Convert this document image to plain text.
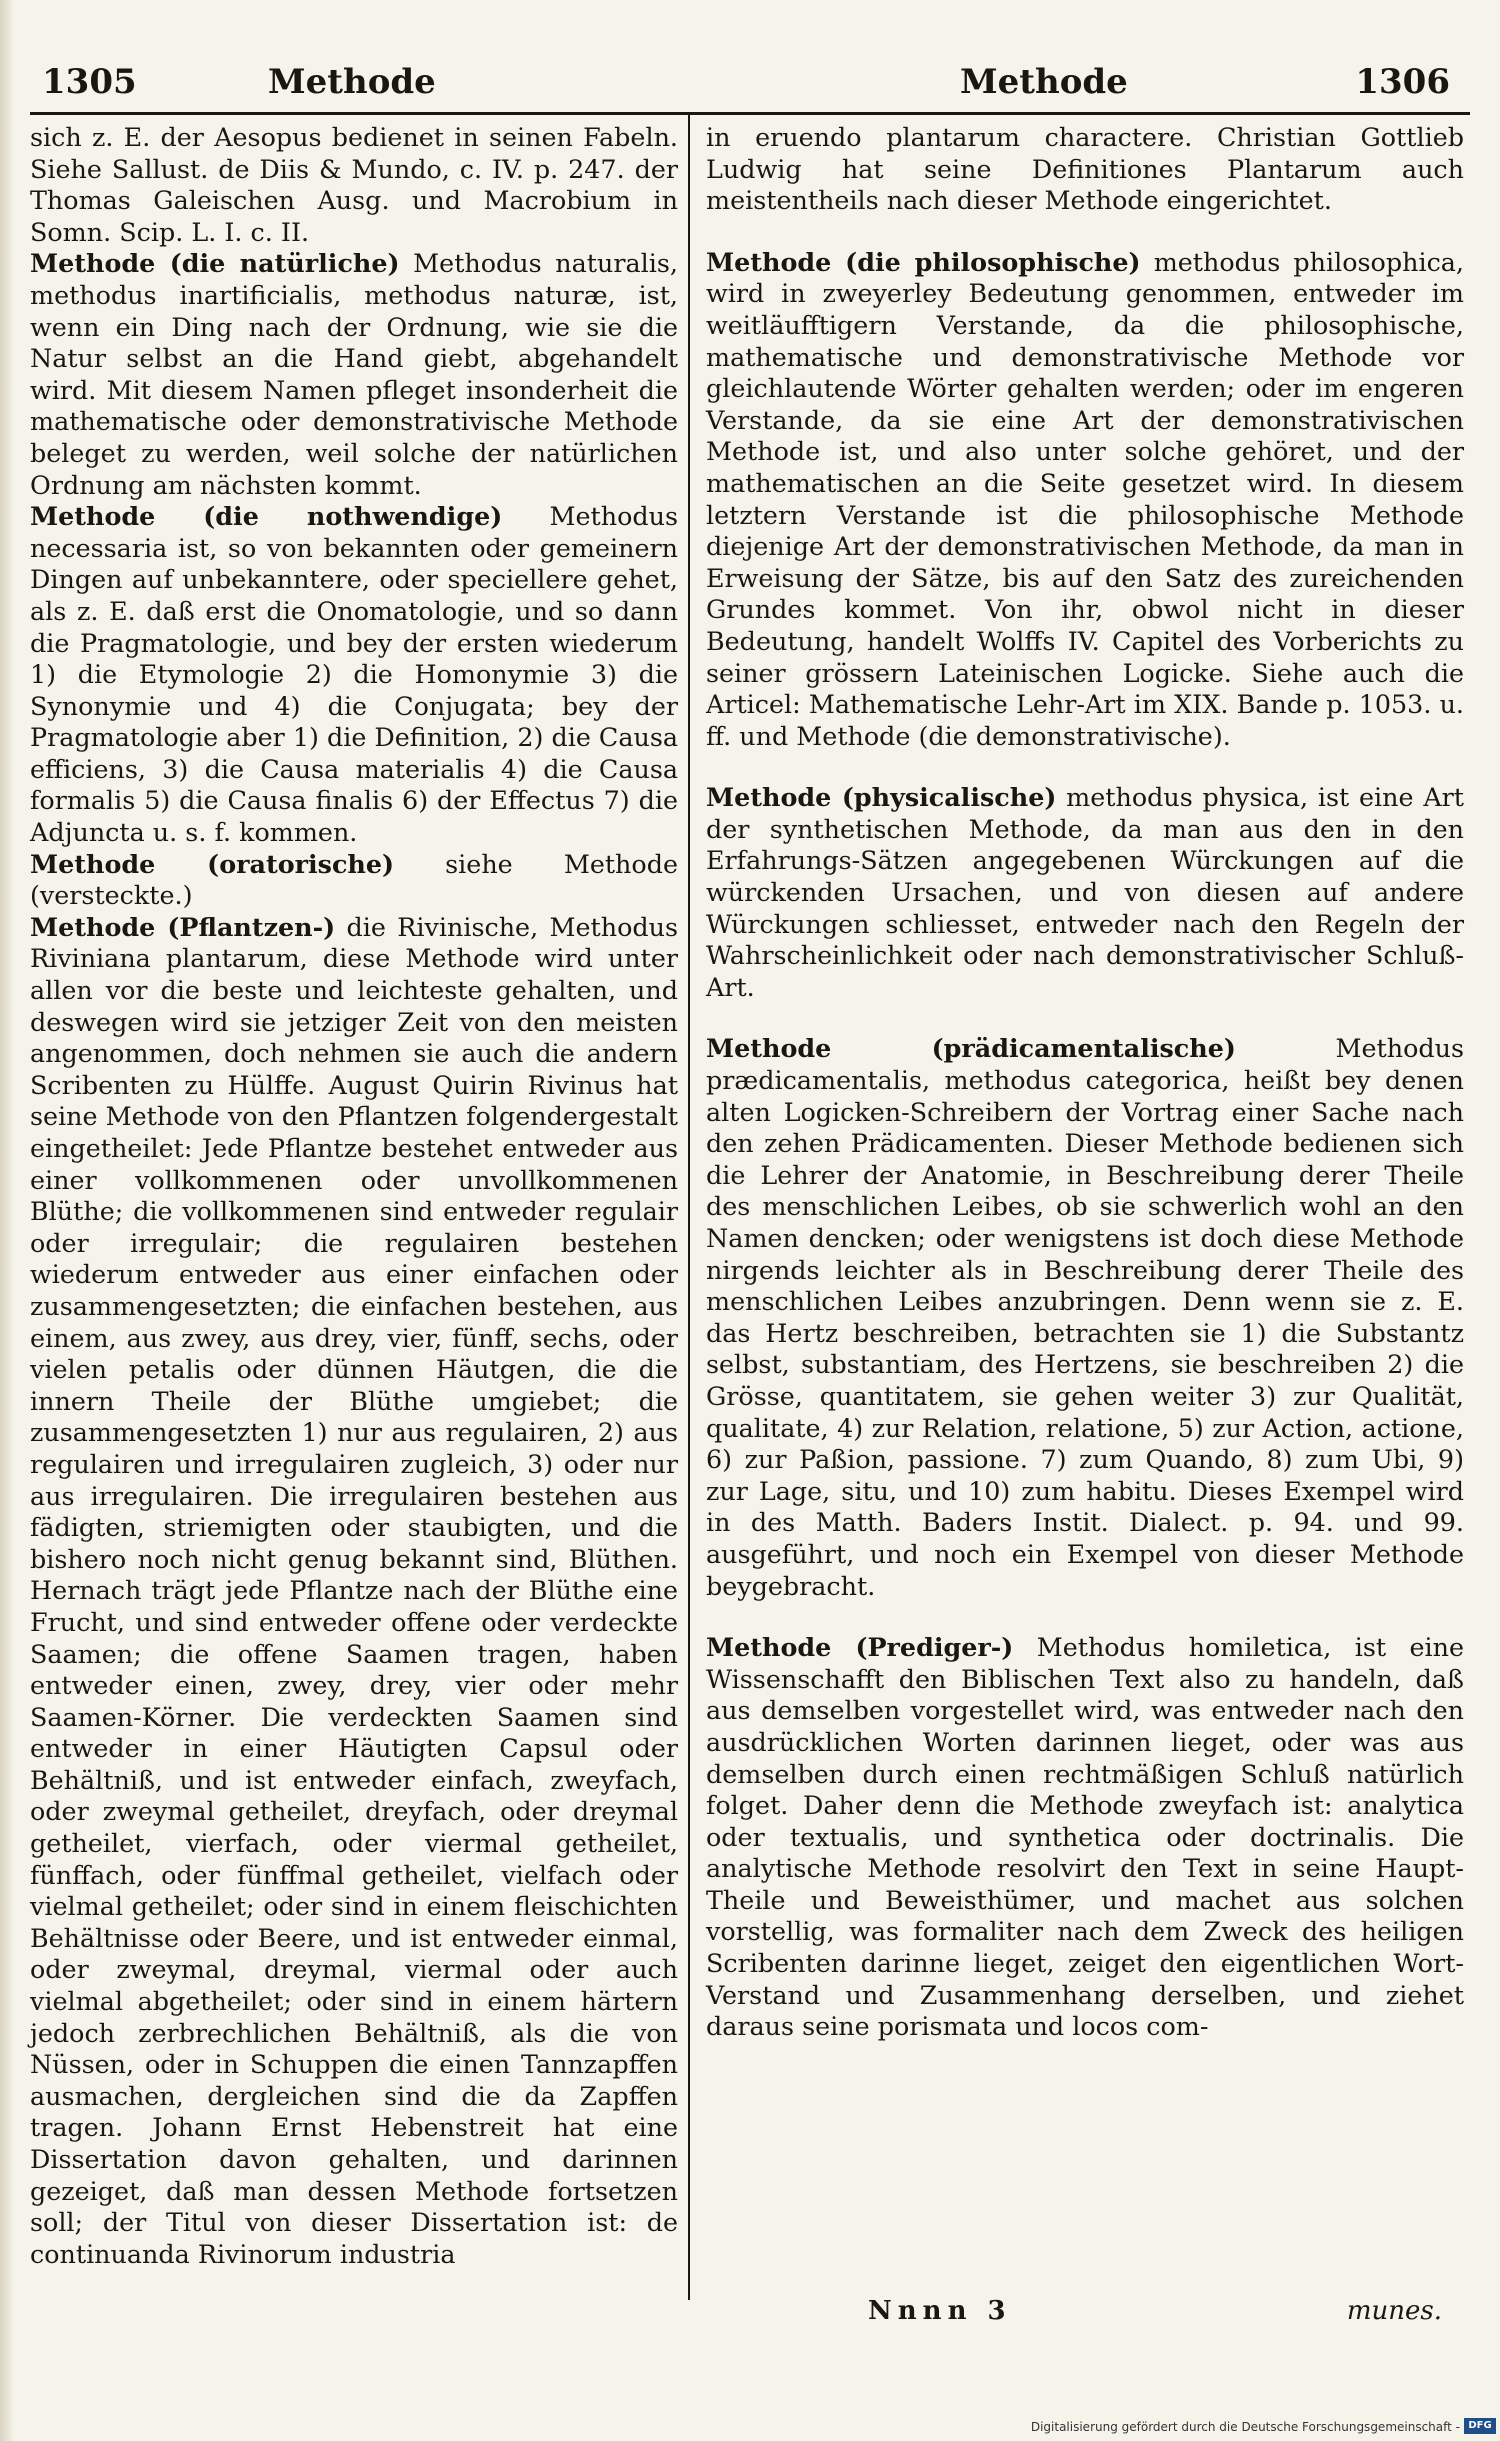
1305	Methode	Methode	1306

sich z. E. der Aesopus bedienet in seinen Fabeln. Siehe Sallust. de Diis & Mundo, c. IV. p. 247. der Thomas Galeischen Ausg. und Macrobium in Somn. Scip. L. I. c. II.

Methode (die natürliche) Methodus naturalis, methodus inartificialis, methodus naturæ, ist, wenn ein Ding nach der Ordnung, wie sie die Natur selbst an die Hand giebt, abgehandelt wird. Mit diesem Namen pfleget insonderheit die mathematische oder demonstrativische Methode beleget zu werden, weil solche der natürlichen Ordnung am nächsten kommt.

Methode (die nothwendige) Methodus necessaria ist, so von bekannten oder gemeinern Dingen auf unbekanntere, oder speciellere gehet, als z. E. daß erst die Onomatologie, und so dann die Pragmatologie, und bey der ersten wiederum 1) die Etymologie 2) die Homonymie 3) die Synonymie und 4) die Conjugata; bey der Pragmatologie aber 1) die Definition, 2) die Causa efficiens, 3) die Causa materialis 4) die Causa formalis 5) die Causa finalis 6) der Effectus 7) die Adjuncta u. s. f. kommen.

Methode (oratorische) siehe Methode (versteckte.)

Methode (Pflantzen-) die Rivinische, Methodus Riviniana plantarum, diese Methode wird unter allen vor die beste und leichteste gehalten, und deswegen wird sie jetziger Zeit von den meisten angenommen, doch nehmen sie auch die andern Scribenten zu Hülffe. August Quirin Rivinus hat seine Methode von den Pflantzen folgendergestalt eingetheilet: Jede Pflantze bestehet entweder aus einer vollkommenen oder unvollkommenen Blüthe; die vollkommenen sind entweder regulair oder irregulair; die regulairen bestehen wiederum entweder aus einer einfachen oder zusammengesetzten; die einfachen bestehen, aus einem, aus zwey, aus drey, vier, fünff, sechs, oder vielen petalis oder dünnen Häutgen, die die innern Theile der Blüthe umgiebet; die zusammengesetzten 1) nur aus regulairen, 2) aus regulairen und irregulairen zugleich, 3) oder nur aus irregulairen. Die irregulairen bestehen aus fädigten, striemigten oder staubigten, und die bishero noch nicht genug bekannt sind, Blüthen. Hernach trägt jede Pflantze nach der Blüthe eine Frucht, und sind entweder offene oder verdeckte Saamen; die offene Saamen tragen, haben entweder einen, zwey, drey, vier oder mehr Saamen-Körner. Die verdeckten Saamen sind entweder in einer Häutigten Capsul oder Behältniß, und ist entweder einfach, zweyfach, oder zweymal getheilet, dreyfach, oder dreymal getheilet, vierfach, oder viermal getheilet, fünffach, oder fünffmal getheilet, vielfach oder vielmal getheilet; oder sind in einem fleischichten Behältnisse oder Beere, und ist entweder einmal, oder zweymal, dreymal, viermal oder auch vielmal abgetheilet; oder sind in einem härtern jedoch zerbrechlichen Behältniß, als die von Nüssen, oder in Schuppen die einen Tannzapffen ausmachen, dergleichen sind die da Zapffen tragen. Johann Ernst Hebenstreit hat eine Dissertation davon gehalten, und darinnen gezeiget, daß man dessen Methode fortsetzen soll; der Titul von dieser Dissertation ist: de continuanda Rivinorum industria

in eruendo plantarum charactere. Christian Gottlieb Ludwig hat seine Definitiones Plantarum auch meistentheils nach dieser Methode eingerichtet.

Methode (die philosophische) methodus philosophica, wird in zweyerley Bedeutung genommen, entweder im weitläufftigern Verstande, da die philosophische, mathematische und demonstrativische Methode vor gleichlautende Wörter gehalten werden; oder im engeren Verstande, da sie eine Art der demonstrativischen Methode ist, und also unter solche gehöret, und der mathematischen an die Seite gesetzet wird. In diesem letztern Verstande ist die philosophische Methode diejenige Art der demonstrativischen Methode, da man in Erweisung der Sätze, bis auf den Satz des zureichenden Grundes kommet. Von ihr, obwol nicht in dieser Bedeutung, handelt Wolffs IV. Capitel des Vorberichts zu seiner grössern Lateinischen Logicke. Siehe auch die Articel: Mathematische Lehr-Art im XIX. Bande p. 1053. u. ff. und Methode (die demonstrativische).

Methode (physicalische) methodus physica, ist eine Art der synthetischen Methode, da man aus den in den Erfahrungs-Sätzen angegebenen Würckungen auf die würckenden Ursachen, und von diesen auf andere Würckungen schliesset, entweder nach den Regeln der Wahrscheinlichkeit oder nach demonstrativischer Schluß-Art.

Methode (prädicamentalische)	Methodus prædicamentalis, methodus categorica, heißt bey denen alten Logicken-Schreibern der Vortrag einer Sache nach den zehen Prädicamenten. Dieser Methode bedienen sich die Lehrer der Anatomie, in Beschreibung derer Theile des menschlichen Leibes, ob sie schwerlich wohl an den Namen dencken; oder wenigstens ist doch diese Methode nirgends leichter als in Beschreibung derer Theile des menschlichen Leibes anzubringen. Denn wenn sie z. E. das Hertz beschreiben, betrachten sie 1) die Substantz selbst, substantiam, des Hertzens, sie beschreiben 2) die Grösse, quantitatem, sie gehen weiter 3) zur Qualität, qualitate, 4) zur Relation, relatione, 5) zur Action, actione, 6) zur Paßion, passione. 7) zum Quando, 8) zum Ubi, 9) zur Lage, situ, und 10) zum habitu. Dieses Exempel wird in des Matth. Baders Instit. Dialect. p. 94. und 99. ausgeführt, und noch ein Exempel von dieser Methode beygebracht.

Methode (Prediger-) Methodus homiletica, ist eine Wissenschafft den Biblischen Text also zu handeln, daß aus demselben vorgestellet wird, was entweder nach den ausdrücklichen Worten darinnen lieget, oder was aus demselben durch einen rechtmäßigen Schluß natürlich folget. Daher denn die Methode zweyfach ist: analytica oder textualis, und synthetica oder doctrinalis. Die analytische Methode resolvirt den Text in seine Haupt-Theile und Beweisthümer, und machet aus solchen vorstellig, was formaliter nach dem Zweck des heiligen Scribenten darinne lieget, zeiget den eigentlichen Wort-Verstand und Zusammenhang derselben, und ziehet daraus seine porismata und locos com-

Nnnn 3	munes.
Digitalisierung gefördert durch die Deutsche Forschungsgemeinschaft - DFG
